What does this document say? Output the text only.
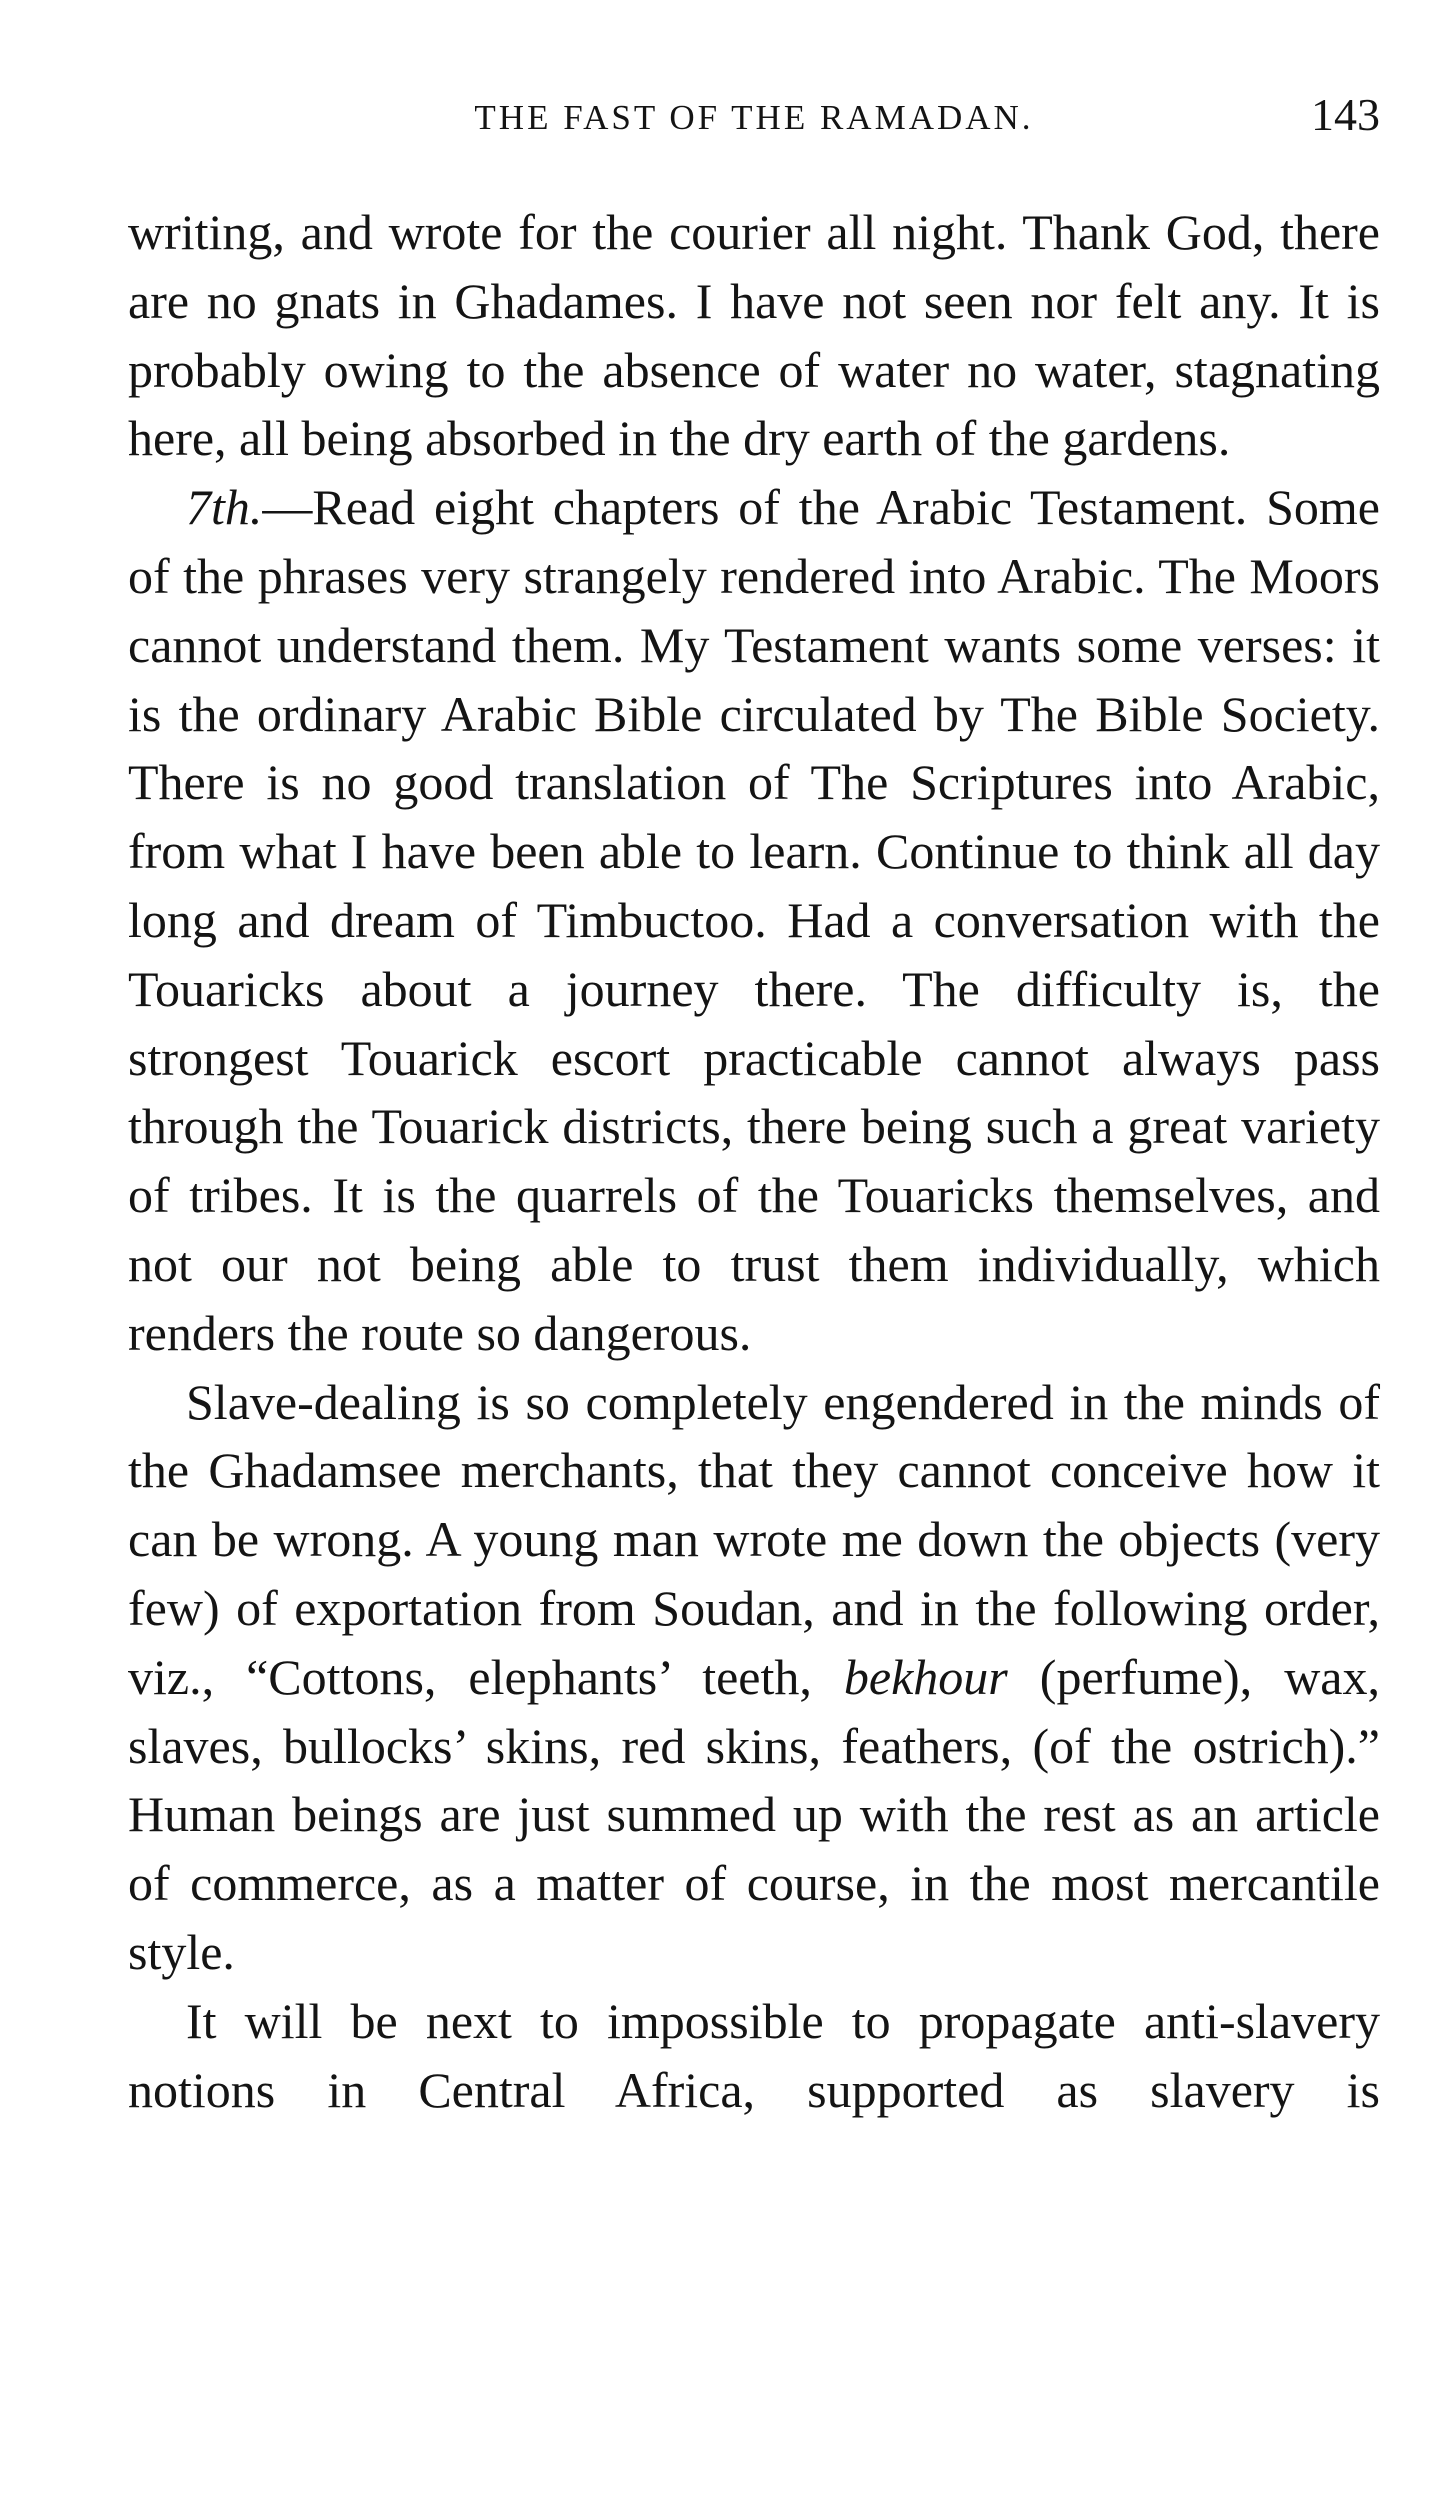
THE FAST OF THE RAMADAN.	143

writing, and wrote for the courier all night. Thank God, there are no gnats in Ghadames. I have not seen nor felt any. It is probably owing to the absence of water no water, stagnating here, all being absorbed in the dry earth of the gardens.

7th.—Read eight chapters of the Arabic Testament. Some of the phrases very strangely rendered into Arabic. The Moors cannot understand them. My Testament wants some verses: it is the ordinary Arabic Bible circulated by The Bible Society. There is no good translation of The Scriptures into Arabic, from what I have been able to learn. Continue to think all day long and dream of Timbuctoo. Had a conversation with the Touaricks about a journey there. The difficulty is, the strongest Touarick escort practicable cannot always pass through the Touarick districts, there being such a great variety of tribes. It is the quarrels of the Touaricks themselves, and not our not being able to trust them individually, which renders the route so dangerous.

Slave-dealing is so completely engendered in the minds of the Ghadamsee merchants, that they cannot conceive how it can be wrong. A young man wrote me down the objects (very few) of exportation from Soudan, and in the following order, viz., “Cottons, elephants’ teeth, bekhour (perfume), wax, slaves, bullocks’ skins, red skins, feathers, (of the ostrich).” Human beings are just summed up with the rest as an article of commerce, as a matter of course, in the most mercantile style.

It will be next to impossible to propagate anti-slavery notions in Central Africa, supported as slavery is
